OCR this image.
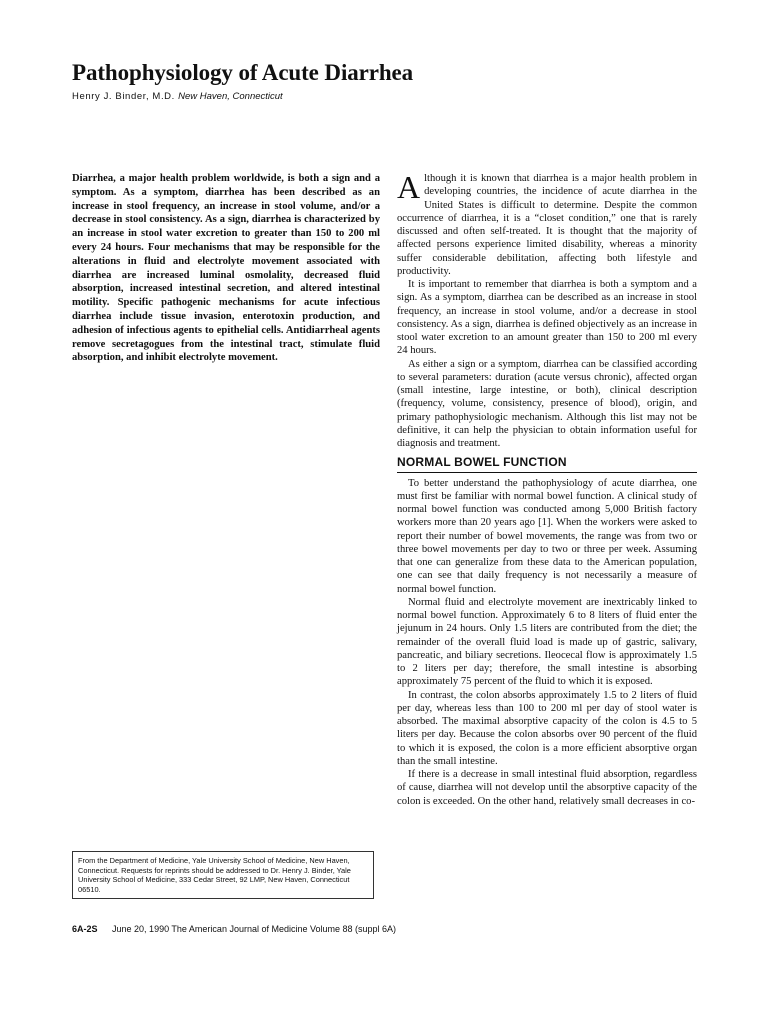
Pathophysiology of Acute Diarrhea
Henry J. Binder, M.D. New Haven, Connecticut

Diarrhea, a major health problem worldwide, is both a sign and a symptom. As a symptom, diarrhea has been described as an increase in stool frequency, an increase in stool volume, and/or a decrease in stool consistency. As a sign, diarrhea is characterized by an increase in stool water excretion to greater than 150 to 200 ml every 24 hours. Four mechanisms that may be responsible for the alterations in fluid and electrolyte movement associated with diarrhea are increased luminal osmolality, decreased fluid absorption, increased intestinal secretion, and altered intestinal motility. Specific pathogenic mechanisms for acute infectious diarrhea include tissue invasion, enterotoxin production, and adhesion of infectious agents to epithelial cells. Antidiarrheal agents remove secretagogues from the intestinal tract, stimulate fluid absorption, and inhibit electrolyte movement.

Although it is known that diarrhea is a major health problem in developing countries, the incidence of acute diarrhea in the United States is difficult to determine. Despite the common occurrence of diarrhea, it is a “closet condition,” one that is rarely discussed and often self-treated. It is thought that the majority of affected persons experience limited disability, whereas a minority suffer considerable debilitation, affecting both lifestyle and productivity.

It is important to remember that diarrhea is both a symptom and a sign. As a symptom, diarrhea can be described as an increase in stool frequency, an increase in stool volume, and/or a decrease in stool consistency. As a sign, diarrhea is defined objectively as an increase in stool water excretion to an amount greater than 150 to 200 ml every 24 hours.

As either a sign or a symptom, diarrhea can be classified according to several parameters: duration (acute versus chronic), affected organ (small intestine, large intestine, or both), clinical description (frequency, volume, consistency, presence of blood), origin, and primary pathophysiologic mechanism. Although this list may not be definitive, it can help the physician to obtain information useful for diagnosis and treatment.

NORMAL BOWEL FUNCTION

To better understand the pathophysiology of acute diarrhea, one must first be familiar with normal bowel function. A clinical study of normal bowel function was conducted among 5,000 British factory workers more than 20 years ago [1]. When the workers were asked to report their number of bowel movements, the range was from two or three bowel movements per day to two or three per week. Assuming that one can generalize from these data to the American population, one can see that daily frequency is not necessarily a measure of normal bowel function.

Normal fluid and electrolyte movement are inextricably linked to normal bowel function. Approximately 6 to 8 liters of fluid enter the jejunum in 24 hours. Only 1.5 liters are contributed from the diet; the remainder of the overall fluid load is made up of gastric, salivary, pancreatic, and biliary secretions. Ileocecal flow is approximately 1.5 to 2 liters per day; therefore, the small intestine is absorbing approximately 75 percent of the fluid to which it is exposed.

In contrast, the colon absorbs approximately 1.5 to 2 liters of fluid per day, whereas less than 100 to 200 ml per day of stool water is absorbed. The maximal absorptive capacity of the colon is 4.5 to 5 liters per day. Because the colon absorbs over 90 percent of the fluid to which it is exposed, the colon is a more efficient absorptive organ than the small intestine.

If there is a decrease in small intestinal fluid absorption, regardless of cause, diarrhea will not develop until the absorptive capacity of the colon is exceeded. On the other hand, relatively small decreases in co-

From the Department of Medicine, Yale University School of Medicine, New Haven, Connecticut. Requests for reprints should be addressed to Dr. Henry J. Binder, Yale University School of Medicine, 333 Cedar Street, 92 LMP, New Haven, Connecticut 06510.
6A-2S June 20, 1990 The American Journal of Medicine Volume 88 (suppl 6A)
